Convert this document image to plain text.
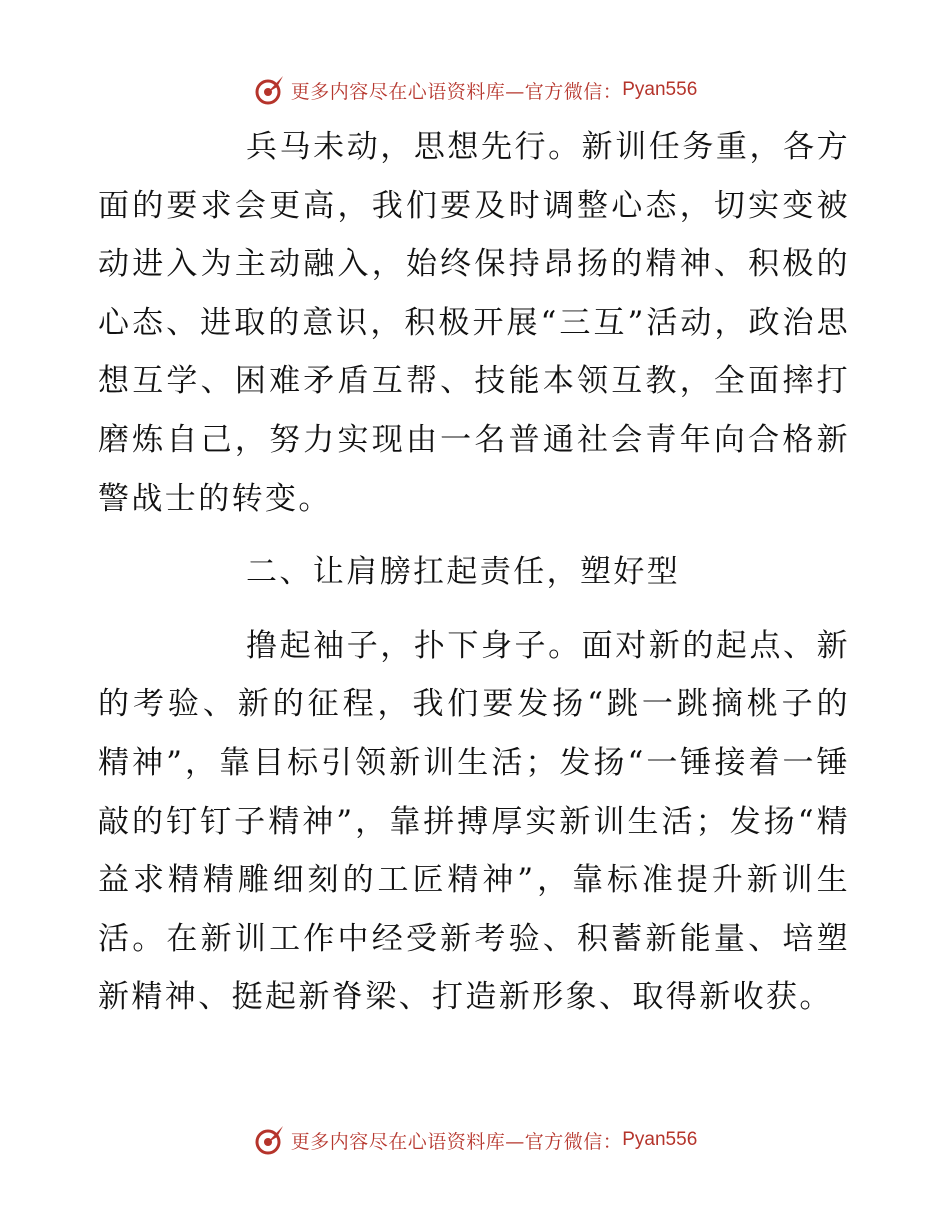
更多内容尽在心语资料库—官方微信： Pyan556

兵马未动，思想先行。新训任务重，各方面的要求会更高，我们要及时调整心态，切实变被动进入为主动融入，始终保持昂扬的精神、积极的心态、进取的意识，积极开展“三互”活动，政治思想互学、困难矛盾互帮、技能本领互教，全面摔打磨炼自己，努力实现由一名普通社会青年向合格新警战士的转变。

二、让肩膀扛起责任，塑好型

撸起袖子，扑下身子。面对新的起点、新的考验、新的征程，我们要发扬“跳一跳摘桃子的精神”，靠目标引领新训生活；发扬“一锤接着一锤敲的钉钉子精神”，靠拼搏厚实新训生活；发扬“精益求精精雕细刻的工匠精神”，靠标准提升新训生活。在新训工作中经受新考验、积蓄新能量、培塑新精神、挺起新脊梁、打造新形象、取得新收获。

更多内容尽在心语资料库—官方微信： Pyan556
